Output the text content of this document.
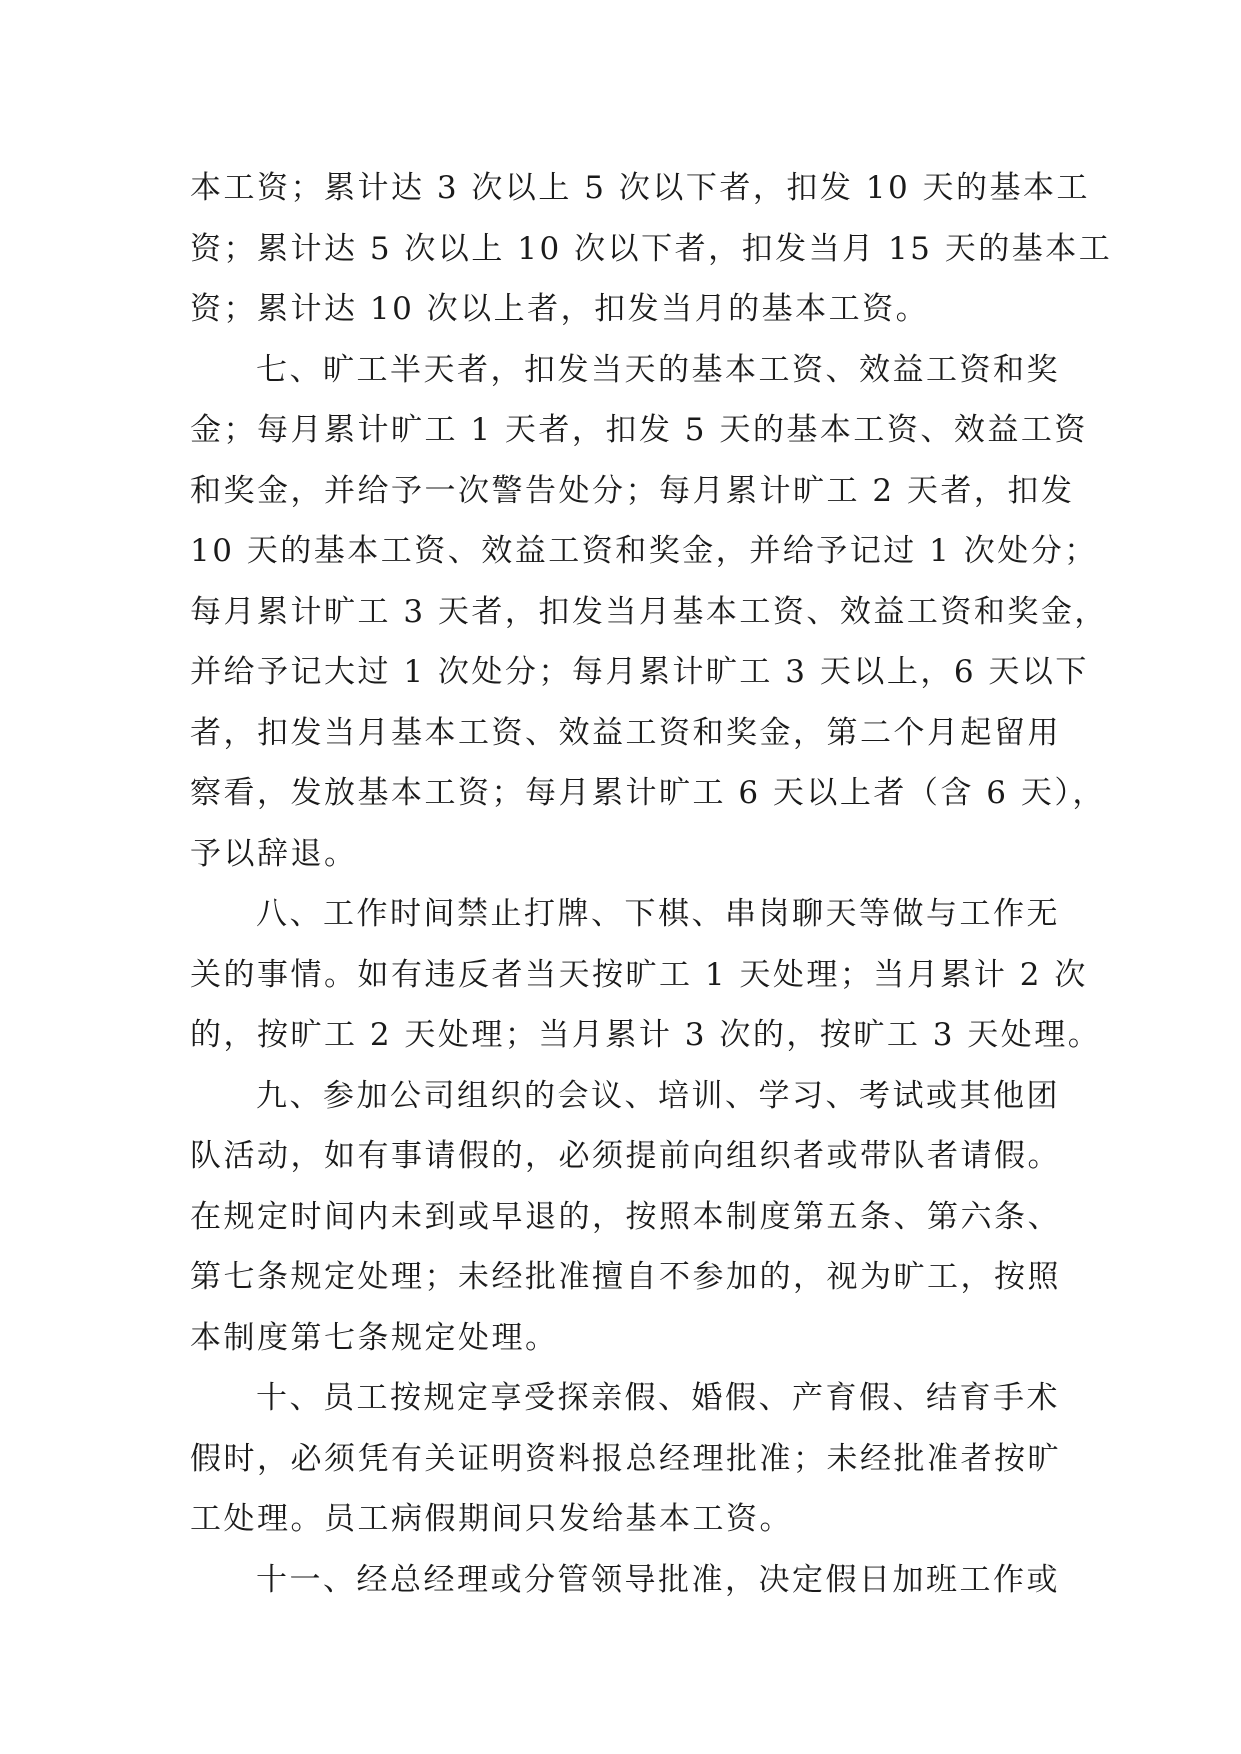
本工资；累计达 3 次以上 5 次以下者，扣发 10 天的基本工
资；累计达 5 次以上 10 次以下者，扣发当月 15 天的基本工
资；累计达 10 次以上者，扣发当月的基本工资。

七、旷工半天者，扣发当天的基本工资、效益工资和奖
金；每月累计旷工 1 天者，扣发 5 天的基本工资、效益工资
和奖金，并给予一次警告处分；每月累计旷工 2 天者，扣发
10 天的基本工资、效益工资和奖金，并给予记过 1 次处分；
每月累计旷工 3 天者，扣发当月基本工资、效益工资和奖金，
并给予记大过 1 次处分；每月累计旷工 3 天以上，6 天以下
者，扣发当月基本工资、效益工资和奖金，第二个月起留用
察看，发放基本工资；每月累计旷工 6 天以上者（含 6 天），
予以辞退。

八、工作时间禁止打牌、下棋、串岗聊天等做与工作无
关的事情。如有违反者当天按旷工 1 天处理；当月累计 2 次
的，按旷工 2 天处理；当月累计 3 次的，按旷工 3 天处理。

九、参加公司组织的会议、培训、学习、考试或其他团
队活动，如有事请假的，必须提前向组织者或带队者请假。
在规定时间内未到或早退的，按照本制度第五条、第六条、
第七条规定处理；未经批准擅自不参加的，视为旷工，按照
本制度第七条规定处理。

十、员工按规定享受探亲假、婚假、产育假、结育手术
假时，必须凭有关证明资料报总经理批准；未经批准者按旷
工处理。员工病假期间只发给基本工资。

十一、经总经理或分管领导批准，决定假日加班工作或
